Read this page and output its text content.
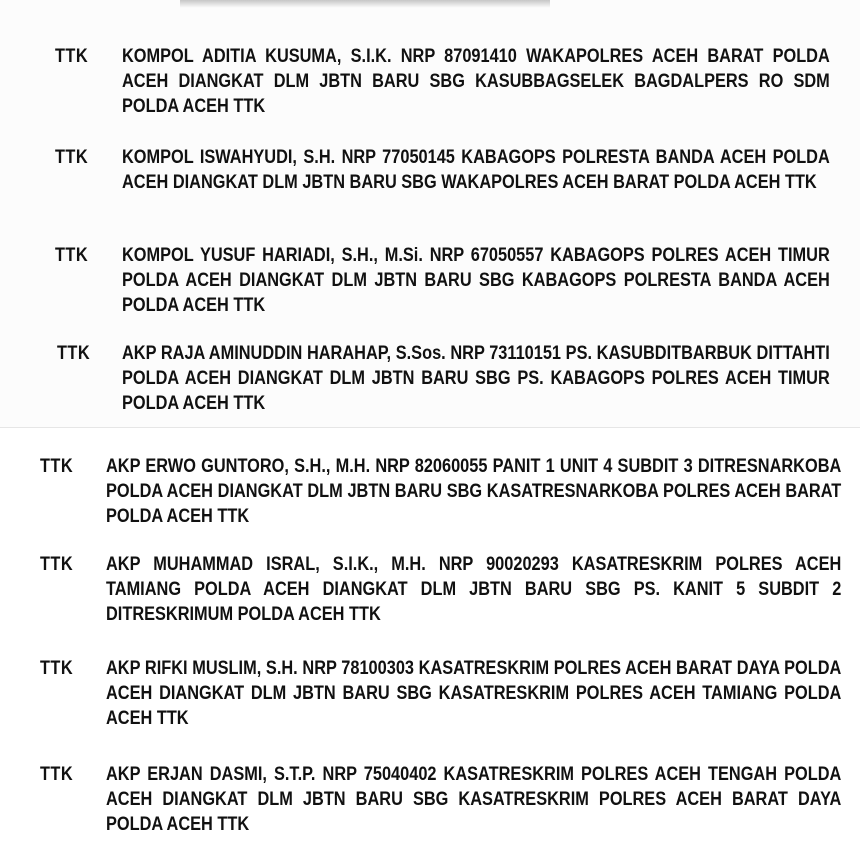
TTK KOMPOL ADITIA KUSUMA, S.I.K. NRP 87091410 WAKAPOLRES ACEH BARAT POLDA ACEH DIANGKAT DLM JBTN BARU SBG KASUBBAGSELEK BAGDALPERS RO SDM POLDA ACEH TTK
TTK KOMPOL ISWAHYUDI, S.H. NRP 77050145 KABAGOPS POLRESTA BANDA ACEH POLDA ACEH DIANGKAT DLM JBTN BARU SBG WAKAPOLRES ACEH BARAT POLDA ACEH TTK
TTK KOMPOL YUSUF HARIADI, S.H., M.Si. NRP 67050557 KABAGOPS POLRES ACEH TIMUR POLDA ACEH DIANGKAT DLM JBTN BARU SBG KABAGOPS POLRESTA BANDA ACEH POLDA ACEH TTK
TTK AKP RAJA AMINUDDIN HARAHAP, S.Sos. NRP 73110151 PS. KASUBDITBARBUK DITTAHTI POLDA ACEH DIANGKAT DLM JBTN BARU SBG PS. KABAGOPS POLRES ACEH TIMUR POLDA ACEH TTK
TTK AKP ERWO GUNTORO, S.H., M.H. NRP 82060055 PANIT 1 UNIT 4 SUBDIT 3 DITRESNARKOBA POLDA ACEH DIANGKAT DLM JBTN BARU SBG KASATRESNARKOBA POLRES ACEH BARAT POLDA ACEH TTK
TTK AKP MUHAMMAD ISRAL, S.I.K., M.H. NRP 90020293 KASATRESKRIM POLRES ACEH TAMIANG POLDA ACEH DIANGKAT DLM JBTN BARU SBG PS. KANIT 5 SUBDIT 2 DITRESKRIMUM POLDA ACEH TTK
TTK AKP RIFKI MUSLIM, S.H. NRP 78100303 KASATRESKRIM POLRES ACEH BARAT DAYA POLDA ACEH DIANGKAT DLM JBTN BARU SBG KASATRESKRIM POLRES ACEH TAMIANG POLDA ACEH TTK
TTK AKP ERJAN DASMI, S.T.P. NRP 75040402 KASATRESKRIM POLRES ACEH TENGAH POLDA ACEH DIANGKAT DLM JBTN BARU SBG KASATRESKRIM POLRES ACEH BARAT DAYA POLDA ACEH TTK
